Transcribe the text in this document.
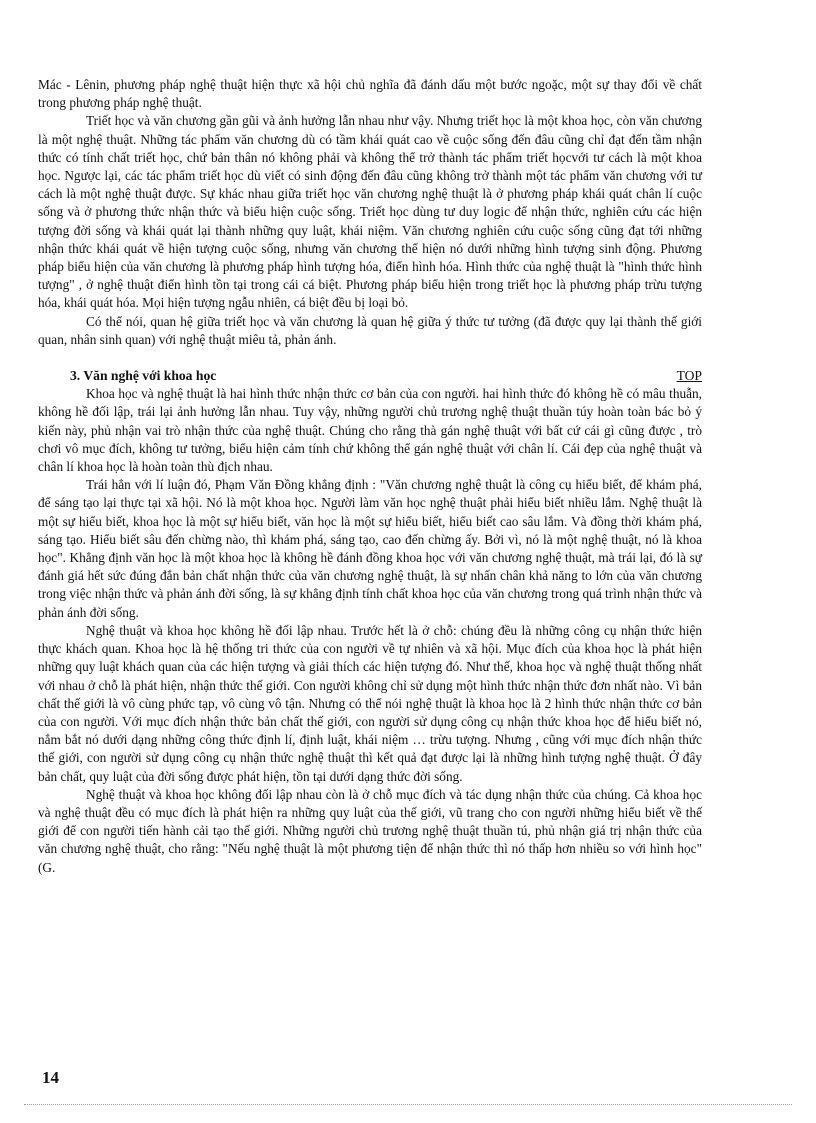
Mác - Lênin, phương pháp nghệ thuật hiện thực xã hội chủ nghĩa đã đánh dấu một bước ngoặc, một sự thay đổi về chất trong phương pháp nghệ thuật.

Triết học và văn chương gần gũi và ảnh hưởng lẫn nhau như vậy. Nhưng triết học là một khoa học, còn văn chương là một nghệ thuật. Những tác phẩm văn chương dù có tầm khái quát cao về cuộc sống đến đâu cũng chỉ đạt đến tầm nhận thức có tính chất triết học, chứ bản thân nó không phải và không thể trở thành tác phẩm triết họcvới tư cách là một khoa học. Ngược lại, các tác phẩm triết học dù viết có sinh động đến đâu cũng không trở thành một tác phẩm văn chương với tư cách là một nghệ thuật được. Sự khác nhau giữa triết học văn chương nghệ thuật là ở phương pháp khái quát chân lí cuộc sống và ở phương thức nhận thức và biểu hiện cuộc sống. Triết học dùng tư duy logic để nhận thức, nghiên cứu các hiện tượng đời sống và khái quát lại thành những quy luật, khái niệm. Văn chương nghiên cứu cuộc sống cũng đạt tới những nhận thức khái quát về hiện tượng cuộc sống, nhưng văn chương thể hiện nó dưới những hình tượng sinh động. Phương pháp biểu hiện của văn chương là phương pháp hình tượng hóa, điển hình hóa. Hình thức của nghệ thuật là "hình thức hình tượng" , ở nghệ thuật điển hình tồn tại trong cái cá biệt. Phương pháp biểu hiện trong triết học là phương pháp trừu tượng hóa, khái quát hóa. Mọi hiện tượng ngẫu nhiên, cá biệt đều bị loại bỏ.

Có thể nói, quan hệ giữa triết học và văn chương là quan hệ giữa ý thức tư tưởng (đã được quy lại thành thế giới quan, nhân sinh quan) với nghệ thuật miêu tả, phản ánh.

3. Văn nghệ với khoa học	TOP

Khoa học và nghệ thuật là hai hình thức nhận thức cơ bản của con người. hai hình thức đó không hề có mâu thuẫn, không hề đối lập, trái lại ảnh hưởng lẫn nhau. Tuy vậy, những người chủ trương nghệ thuật thuần túy hoàn toàn bác bỏ ý kiến này, phủ nhận vai trò nhận thức của nghệ thuật. Chúng cho rằng thà gán nghệ thuật với bất cứ cái gì cũng được , trò chơi vô mục đích, không tư tưởng, biểu hiện cảm tính chứ không thể gán nghệ thuật với chân lí. Cái đẹp của nghệ thuật và chân lí khoa học là hoàn toàn thù địch nhau.

Trái hẳn với lí luận đó, Phạm Văn Đồng khẳng định : "Văn chương nghệ thuật là công cụ hiểu biết, để khám phá, để sáng tạo lại thực tại xã hội. Nó là một khoa học. Người làm văn học nghệ thuật phải hiểu biết nhiều lắm. Nghệ thuật là một sự hiểu biết, khoa học là một sự hiểu biết, văn học là một sự hiểu biết, hiểu biết cao sâu lắm. Và đồng thời khám phá, sáng tạo. Hiểu biết sâu đến chừng nào, thì khám phá, sáng tạo, cao đến chừng ấy. Bởi vì, nó là một nghệ thuật, nó là khoa học". Khẳng định văn học là một khoa học là không hề đánh đồng khoa học với văn chương nghệ thuật, mà trái lại, đó là sự đánh giá hết sức đúng đắn bản chất nhận thức của văn chương nghệ thuật, là sự nhấn chân khả năng to lớn của văn chương trong việc nhận thức và phản ánh đời sống, là sự khẳng định tính chất khoa học của văn chương trong quá trình nhận thức và phản ánh đời sống.

Nghệ thuật và khoa học không hề đối lập nhau. Trước hết là ở chỗ: chúng đều là những công cụ nhận thức hiện thực khách quan. Khoa học là hệ thống tri thức của con người về tự nhiên và xã hội. Mục đích của khoa học là phát hiện những quy luật khách quan của các hiện tượng và giải thích các hiện tượng đó. Như thế, khoa học và nghệ thuật thống nhất với nhau ở chỗ là phát hiện, nhận thức thế giới. Con người không chỉ sử dụng một hình thức nhận thức đơn nhất nào. Vì bản chất thế giới là vô cùng phức tạp, vô cùng vô tận. Nhưng có thể nói nghệ thuật là khoa học là 2 hình thức nhận thức cơ bản của con người. Với mục đích nhận thức bản chất thế giới, con người sử dụng công cụ nhận thức khoa học để hiểu biết nó, nắm bắt nó dưới dạng những công thức định lí, định luật, khái niệm … trừu tượng. Nhưng , cũng với mục đích nhận thức thế giới, con người sử dụng công cụ nhận thức nghệ thuật thì kết quả đạt được lại là những hình tượng nghệ thuật. Ở đây bản chất, quy luật của đời sống được phát hiện, tồn tại dưới dạng thức đời sống.

Nghệ thuật và khoa học không đối lập nhau còn là ở chỗ mục đích và tác dụng nhận thức của chúng. Cả khoa học và nghệ thuật đều có mục đích là phát hiện ra những quy luật của thế giới, vũ trang cho con người những hiểu biết về thế giới để con người tiến hành cải tạo thế giới. Những người chủ trương nghệ thuật thuần tú, phủ nhận giá trị nhận thức của văn chương nghệ thuật, cho rằng: "Nếu nghệ thuật là một phương tiện để nhận thức thì nó thấp hơn nhiều so với hình học" (G.

14
